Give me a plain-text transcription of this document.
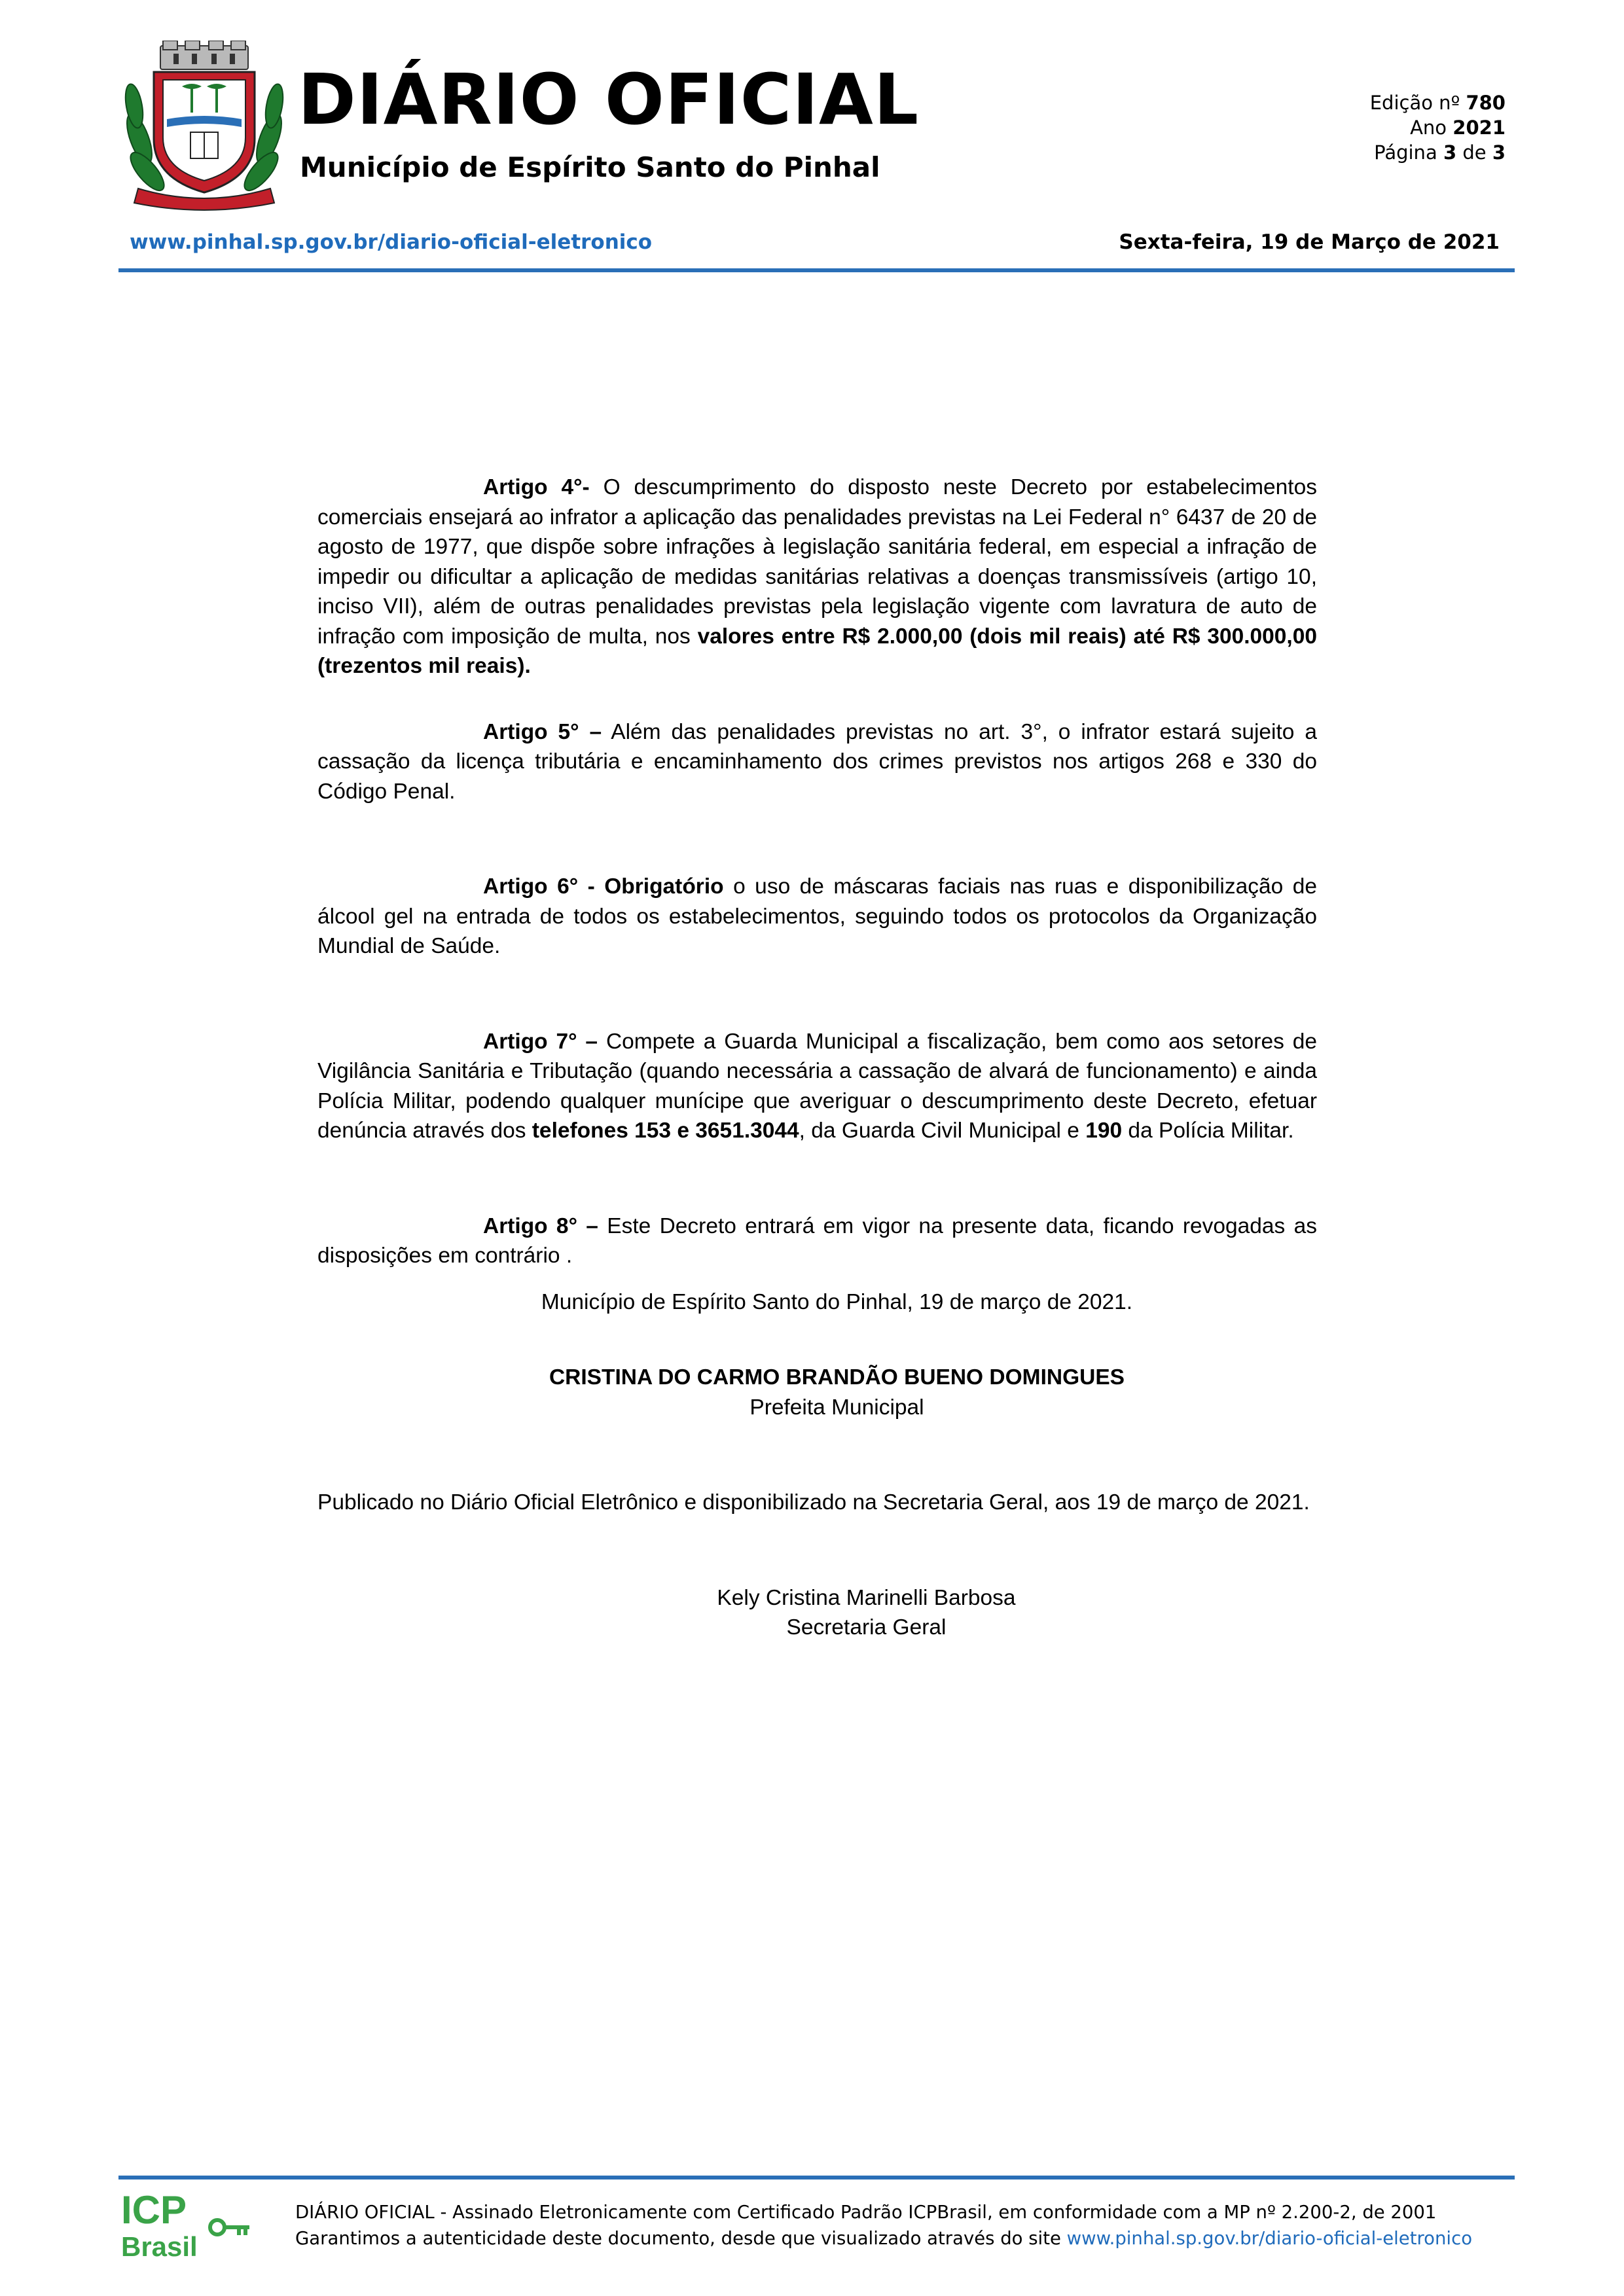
DIÁRIO OFICIAL
Município de Espírito Santo do Pinhal
Edição nº 780
Ano 2021
Página 3 de 3
www.pinhal.sp.gov.br/diario-oficial-eletronico	Sexta-feira, 19 de Março de 2021

Artigo 4°- O descumprimento do disposto neste Decreto por estabelecimentos comerciais ensejará ao infrator a aplicação das penalidades previstas na Lei Federal n° 6437 de 20 de agosto de 1977, que dispõe sobre infrações à legislação sanitária federal, em especial a infração de impedir ou dificultar a aplicação de medidas sanitárias relativas a doenças transmissíveis (artigo 10, inciso VII), além de outras penalidades previstas pela legislação vigente com lavratura de auto de infração com imposição de multa, nos valores entre R$ 2.000,00 (dois mil reais) até R$ 300.000,00 (trezentos mil reais).

Artigo 5° – Além das penalidades previstas no art. 3°, o infrator estará sujeito a cassação da licença tributária e encaminhamento dos crimes previstos nos artigos 268 e 330 do Código Penal.

Artigo 6° - Obrigatório o uso de máscaras faciais nas ruas e disponibilização de álcool gel na entrada de todos os estabelecimentos, seguindo todos os protocolos da Organização Mundial de Saúde.

Artigo 7° – Compete a Guarda Municipal a fiscalização, bem como aos setores de Vigilância Sanitária e Tributação (quando necessária a cassação de alvará de funcionamento) e ainda Polícia Militar, podendo qualquer munícipe que averiguar o descumprimento deste Decreto, efetuar denúncia através dos telefones 153 e 3651.3044, da Guarda Civil Municipal e 190 da Polícia Militar.

Artigo 8° – Este Decreto entrará em vigor na presente data, ficando revogadas as disposições em contrário .

Município de Espírito Santo do Pinhal, 19 de março de 2021.
CRISTINA DO CARMO BRANDÃO BUENO DOMINGUES
Prefeita Municipal
Publicado no Diário Oficial Eletrônico e disponibilizado na Secretaria Geral, aos 19 de março de 2021.
Kely Cristina Marinelli Barbosa
Secretaria Geral
ICP
Brasil
DIÁRIO OFICIAL - Assinado Eletronicamente com Certificado Padrão ICPBrasil, em conformidade com a MP nº 2.200-2, de 2001
Garantimos a autenticidade deste documento, desde que visualizado através do site www.pinhal.sp.gov.br/diario-oficial-eletronico
